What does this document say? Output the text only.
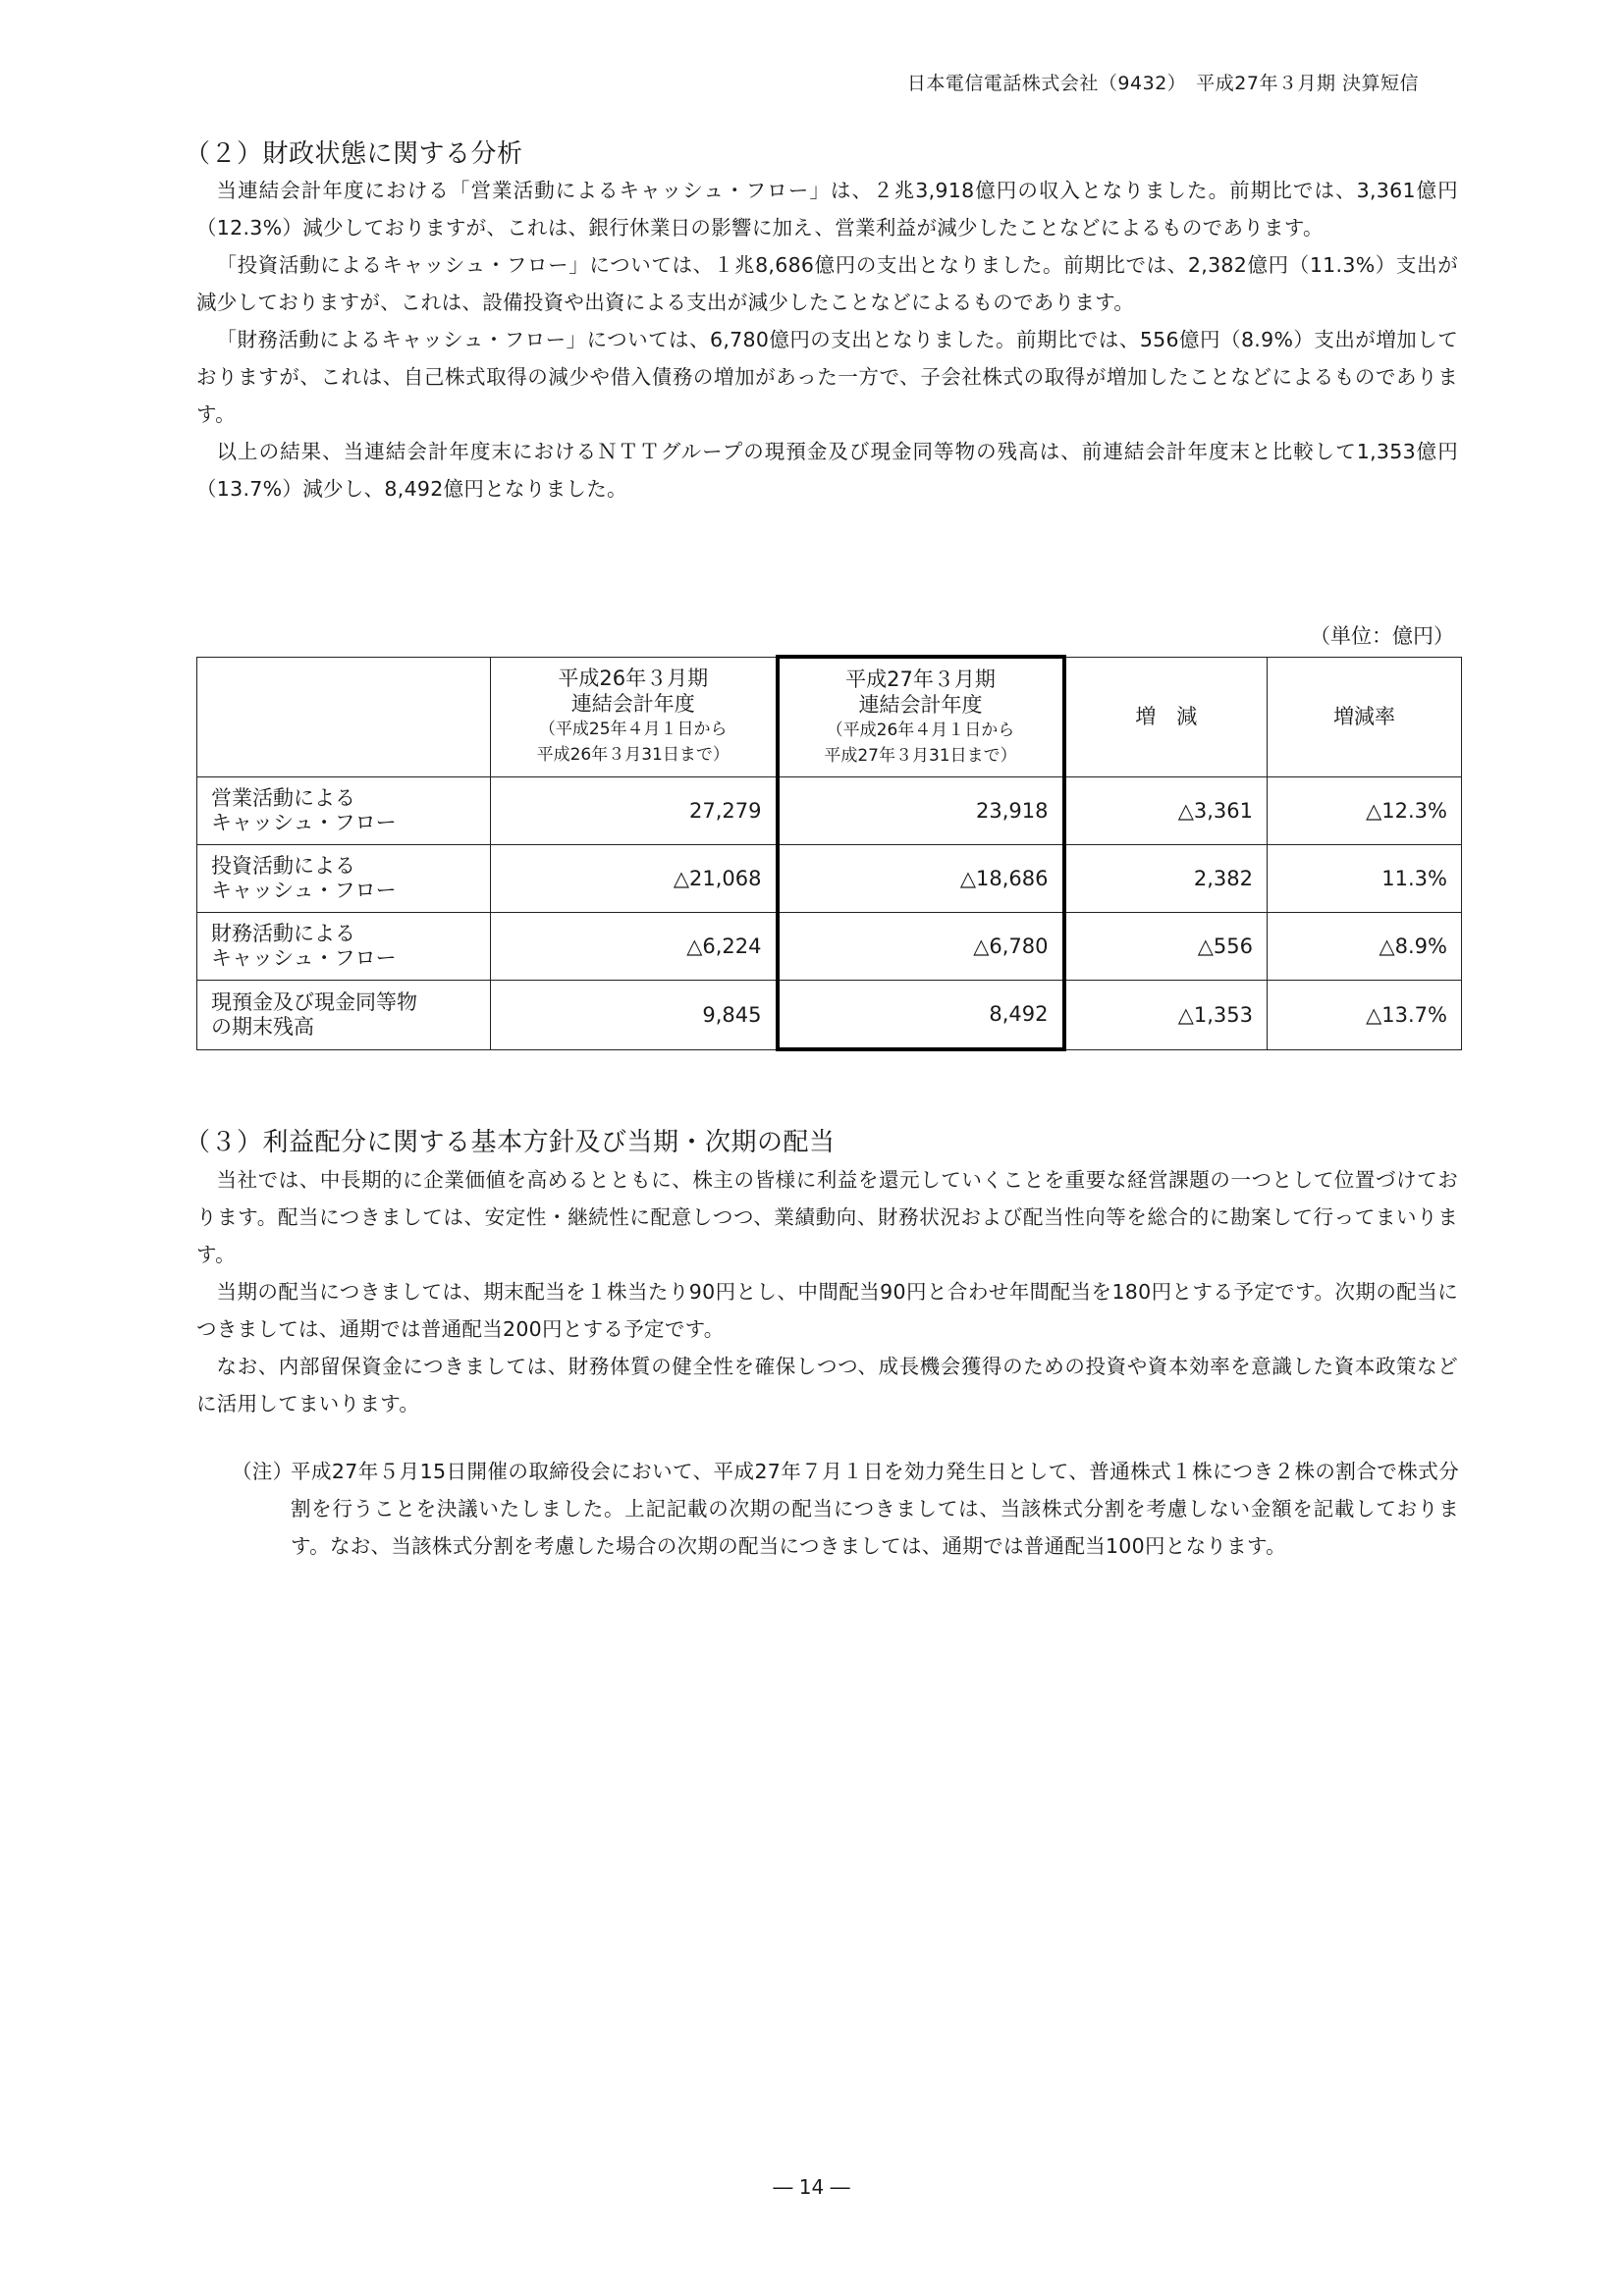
日本電信電話株式会社（9432）　平成27年３月期 決算短信
（２）財政状態に関する分析

当連結会計年度における「営業活動によるキャッシュ・フロー」は、２兆3,918億円の収入となりました。前期比では、3,361億円（12.3%）減少しておりますが、これは、銀行休業日の影響に加え、営業利益が減少したことなどによるものであります。

「投資活動によるキャッシュ・フロー」については、１兆8,686億円の支出となりました。前期比では、2,382億円（11.3%）支出が減少しておりますが、これは、設備投資や出資による支出が減少したことなどによるものであります。

「財務活動によるキャッシュ・フロー」については、6,780億円の支出となりました。前期比では、556億円（8.9%）支出が増加しておりますが、これは、自己株式取得の減少や借入債務の増加があった一方で、子会社株式の取得が増加したことなどによるものであります。

以上の結果、当連結会計年度末におけるＮＴＴグループの現預金及び現金同等物の残高は、前連結会計年度末と比較して1,353億円（13.7%）減少し、8,492億円となりました。

（単位：億円）

	平成26年３月期
連結会計年度
（平成25年４月１日から
平成26年３月31日まで）	平成27年３月期
連結会計年度
（平成26年４月１日から
平成27年３月31日まで）	増　減	増減率

営業活動による
キャッシュ・フロー	27,279	23,918	△3,361	△12.3%

投資活動による
キャッシュ・フロー	△21,068	△18,686	2,382	11.3%

財務活動による
キャッシュ・フロー	△6,224	△6,780	△556	△8.9%

現預金及び現金同等物
の期末残高	9,845	8,492	△1,353	△13.7%
（３）利益配分に関する基本方針及び当期・次期の配当

当社では、中長期的に企業価値を高めるとともに、株主の皆様に利益を還元していくことを重要な経営課題の一つとして位置づけております。配当につきましては、安定性・継続性に配意しつつ、業績動向、財務状況および配当性向等を総合的に勘案して行ってまいります。

当期の配当につきましては、期末配当を１株当たり90円とし、中間配当90円と合わせ年間配当を180円とする予定です。次期の配当につきましては、通期では普通配当200円とする予定です。

なお、内部留保資金につきましては、財務体質の健全性を確保しつつ、成長機会獲得のための投資や資本効率を意識した資本政策などに活用してまいります。

（注）

平成27年５月15日開催の取締役会において、平成27年７月１日を効力発生日として、普通株式１株につき２株の割合で株式分割を行うことを決議いたしました。上記記載の次期の配当につきましては、当該株式分割を考慮しない金額を記載しております。なお、当該株式分割を考慮した場合の次期の配当につきましては、通期では普通配当100円となります。

― 14 ―
